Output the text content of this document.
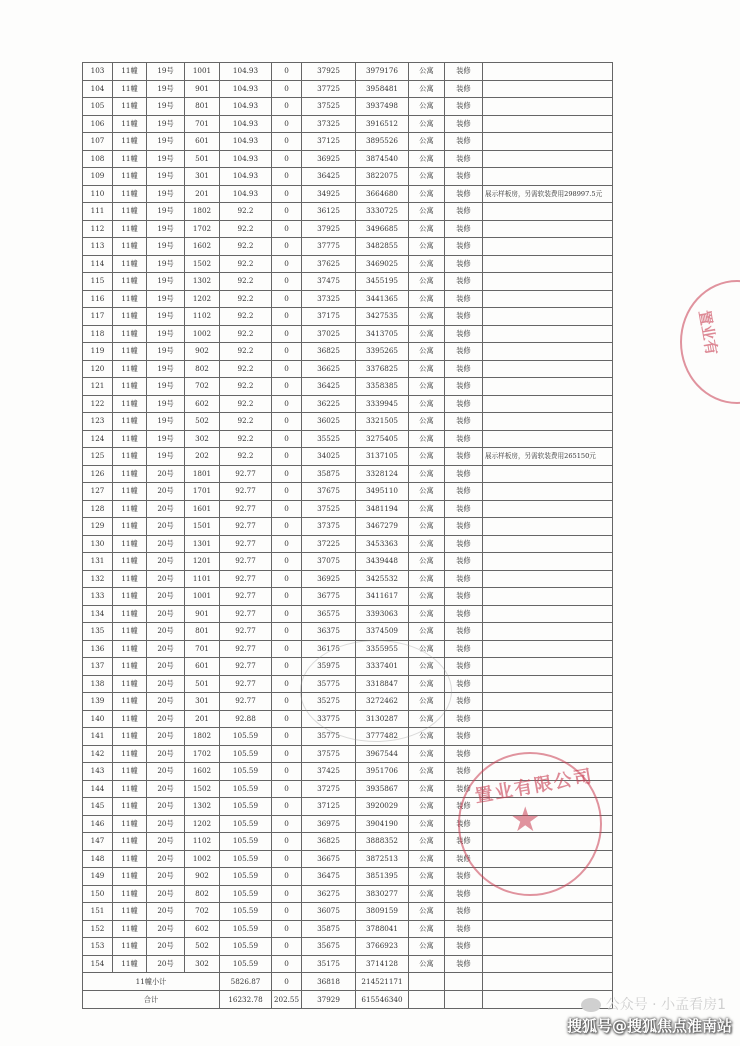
103	11幢	19号	1001	104.93	0	37925	3979176	公寓	装修	
104	11幢	19号	901	104.93	0	37725	3958481	公寓	装修	
105	11幢	19号	801	104.93	0	37525	3937498	公寓	装修	
106	11幢	19号	701	104.93	0	37325	3916512	公寓	装修	
107	11幢	19号	601	104.93	0	37125	3895526	公寓	装修	
108	11幢	19号	501	104.93	0	36925	3874540	公寓	装修	
109	11幢	19号	301	104.93	0	36425	3822075	公寓	装修	
110	11幢	19号	201	104.93	0	34925	3664680	公寓	装修	展示样板房，另需软装费用298997.5元
111	11幢	19号	1802	92.2	0	36125	3330725	公寓	装修	
112	11幢	19号	1702	92.2	0	37925	3496685	公寓	装修	
113	11幢	19号	1602	92.2	0	37775	3482855	公寓	装修	
114	11幢	19号	1502	92.2	0	37625	3469025	公寓	装修	
115	11幢	19号	1302	92.2	0	37475	3455195	公寓	装修	
116	11幢	19号	1202	92.2	0	37325	3441365	公寓	装修	
117	11幢	19号	1102	92.2	0	37175	3427535	公寓	装修	
118	11幢	19号	1002	92.2	0	37025	3413705	公寓	装修	
119	11幢	19号	902	92.2	0	36825	3395265	公寓	装修	
120	11幢	19号	802	92.2	0	36625	3376825	公寓	装修	
121	11幢	19号	702	92.2	0	36425	3358385	公寓	装修	
122	11幢	19号	602	92.2	0	36225	3339945	公寓	装修	
123	11幢	19号	502	92.2	0	36025	3321505	公寓	装修	
124	11幢	19号	302	92.2	0	35525	3275405	公寓	装修	
125	11幢	19号	202	92.2	0	34025	3137105	公寓	装修	展示样板房，另需软装费用265150元
126	11幢	20号	1801	92.77	0	35875	3328124	公寓	装修	
127	11幢	20号	1701	92.77	0	37675	3495110	公寓	装修	
128	11幢	20号	1601	92.77	0	37525	3481194	公寓	装修	
129	11幢	20号	1501	92.77	0	37375	3467279	公寓	装修	
130	11幢	20号	1301	92.77	0	37225	3453363	公寓	装修	
131	11幢	20号	1201	92.77	0	37075	3439448	公寓	装修	
132	11幢	20号	1101	92.77	0	36925	3425532	公寓	装修	
133	11幢	20号	1001	92.77	0	36775	3411617	公寓	装修	
134	11幢	20号	901	92.77	0	36575	3393063	公寓	装修	
135	11幢	20号	801	92.77	0	36375	3374509	公寓	装修	
136	11幢	20号	701	92.77	0	36175	3355955	公寓	装修	
137	11幢	20号	601	92.77	0	35975	3337401	公寓	装修	
138	11幢	20号	501	92.77	0	35775	3318847	公寓	装修	
139	11幢	20号	301	92.77	0	35275	3272462	公寓	装修	
140	11幢	20号	201	92.88	0	33775	3130287	公寓	装修	
141	11幢	20号	1802	105.59	0	35775	3777482	公寓	装修	
142	11幢	20号	1702	105.59	0	37575	3967544	公寓	装修	
143	11幢	20号	1602	105.59	0	37425	3951706	公寓	装修	
144	11幢	20号	1502	105.59	0	37275	3935867	公寓	装修	
145	11幢	20号	1302	105.59	0	37125	3920029	公寓	装修	
146	11幢	20号	1202	105.59	0	36975	3904190	公寓	装修	
147	11幢	20号	1102	105.59	0	36825	3888352	公寓	装修	
148	11幢	20号	1002	105.59	0	36675	3872513	公寓	装修	
149	11幢	20号	902	105.59	0	36475	3851395	公寓	装修	
150	11幢	20号	802	105.59	0	36275	3830277	公寓	装修	
151	11幢	20号	702	105.59	0	36075	3809159	公寓	装修	
152	11幢	20号	602	105.59	0	35875	3788041	公寓	装修	
153	11幢	20号	502	105.59	0	35675	3766923	公寓	装修	
154	11幢	20号	302	105.59	0	35175	3714128	公寓	装修	
11幢小计				5826.87	0	36818	214521171			
合计				16232.78	202.55	37929	615546340			
置业有限公司
★
置业有
公众号 · 小孟看房1
搜狐号@搜狐焦点淮南站
